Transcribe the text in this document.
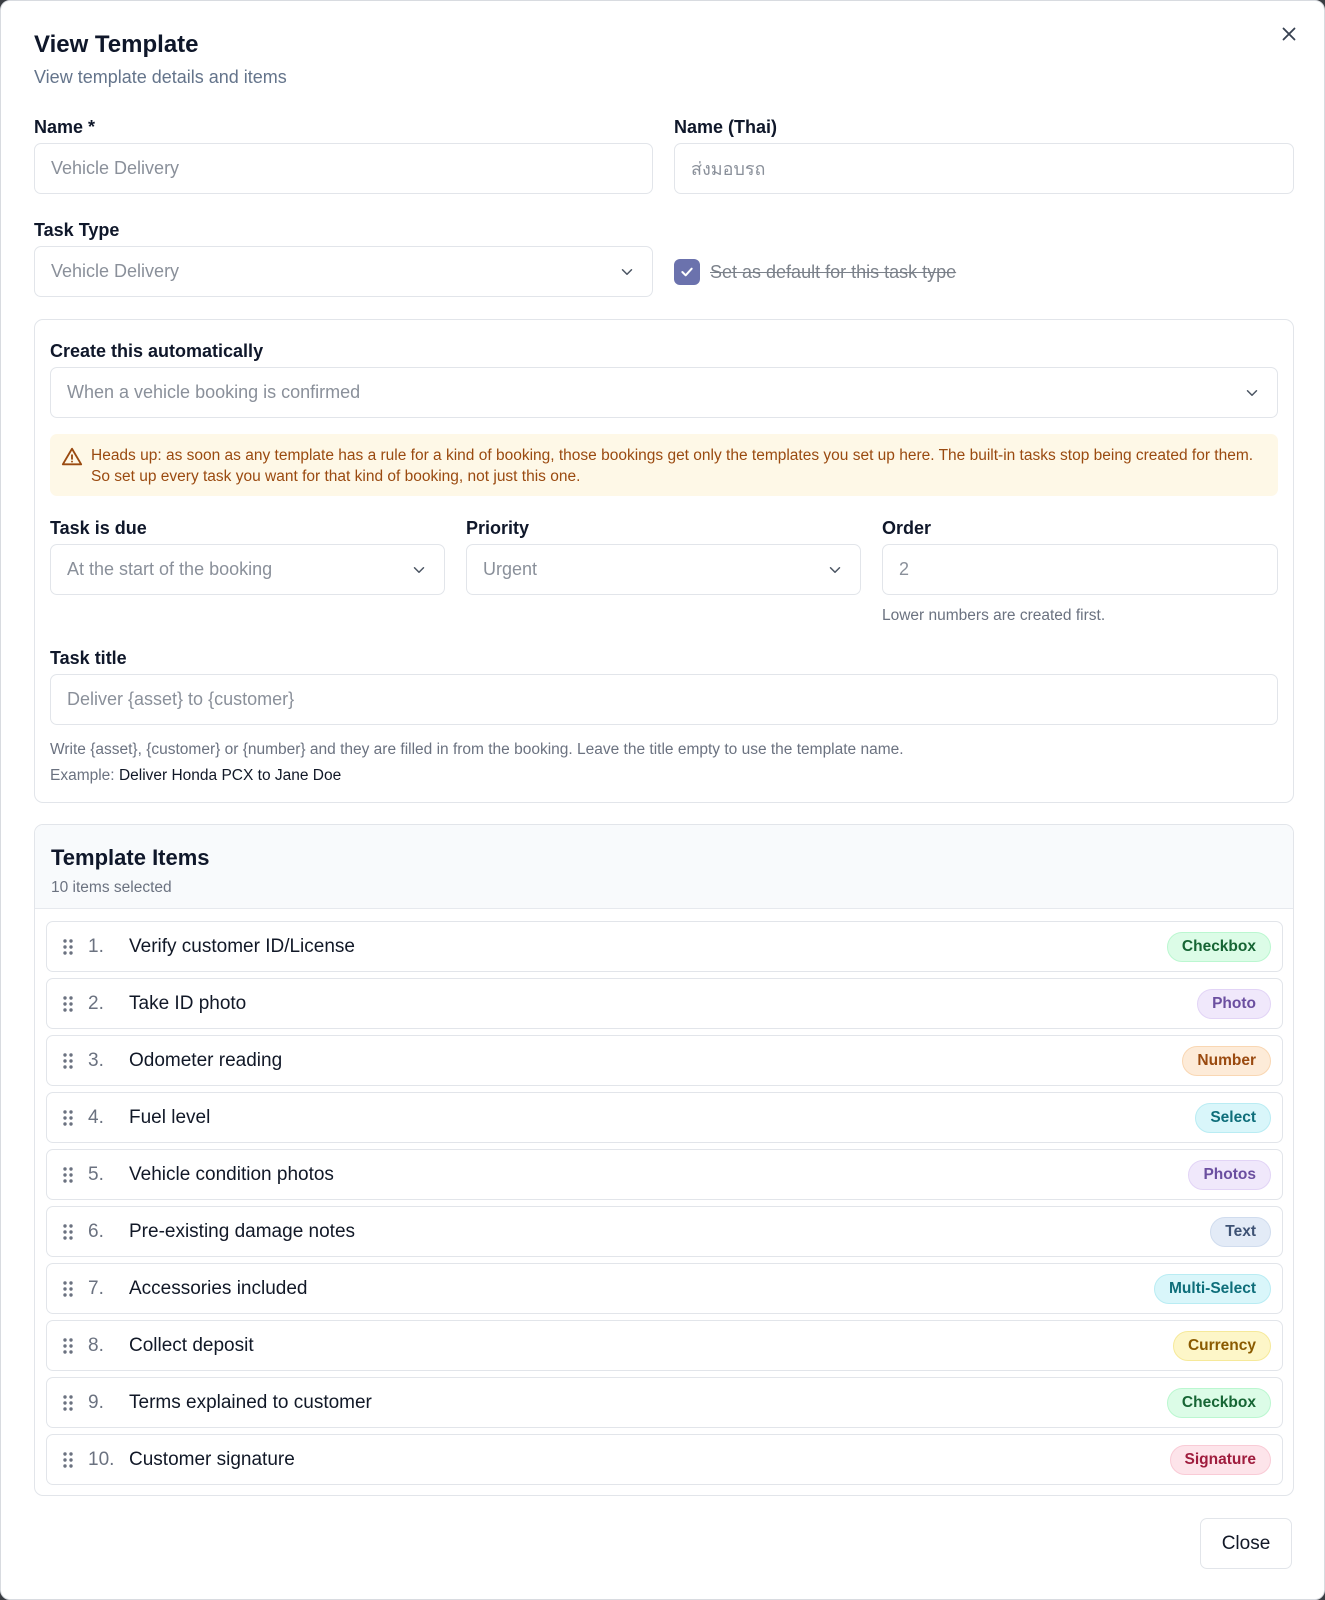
View Template
View template details and items
Name *
Vehicle Delivery
Name (Thai)
ส่งมอบรถ
Task Type
Vehicle Delivery	Set as default for this task type
Create this automatically
When a vehicle booking is confirmed
Heads up: as soon as any template has a rule for a kind of booking, those bookings get only the templates you set up here. The built-in tasks stop being created for them. So set up every task you want for that kind of booking, not just this one.
Task is due
At the start of the booking
Priority
Urgent
Order
2
Lower numbers are created first.
Task title
Deliver {asset} to {customer}
Write {asset}, {customer} or {number} and they are filled in from the booking. Leave the title empty to use the template name.
Example: Deliver Honda PCX to Jane Doe
Template Items
10 items selected
1. Verify customer ID/License	Checkbox
2. Take ID photo	Photo
3. Odometer reading	Number
4. Fuel level	Select
5. Vehicle condition photos	Photos
6. Pre-existing damage notes	Text
7. Accessories included	Multi-Select
8. Collect deposit	Currency
9. Terms explained to customer	Checkbox
10. Customer signature	Signature
Close
